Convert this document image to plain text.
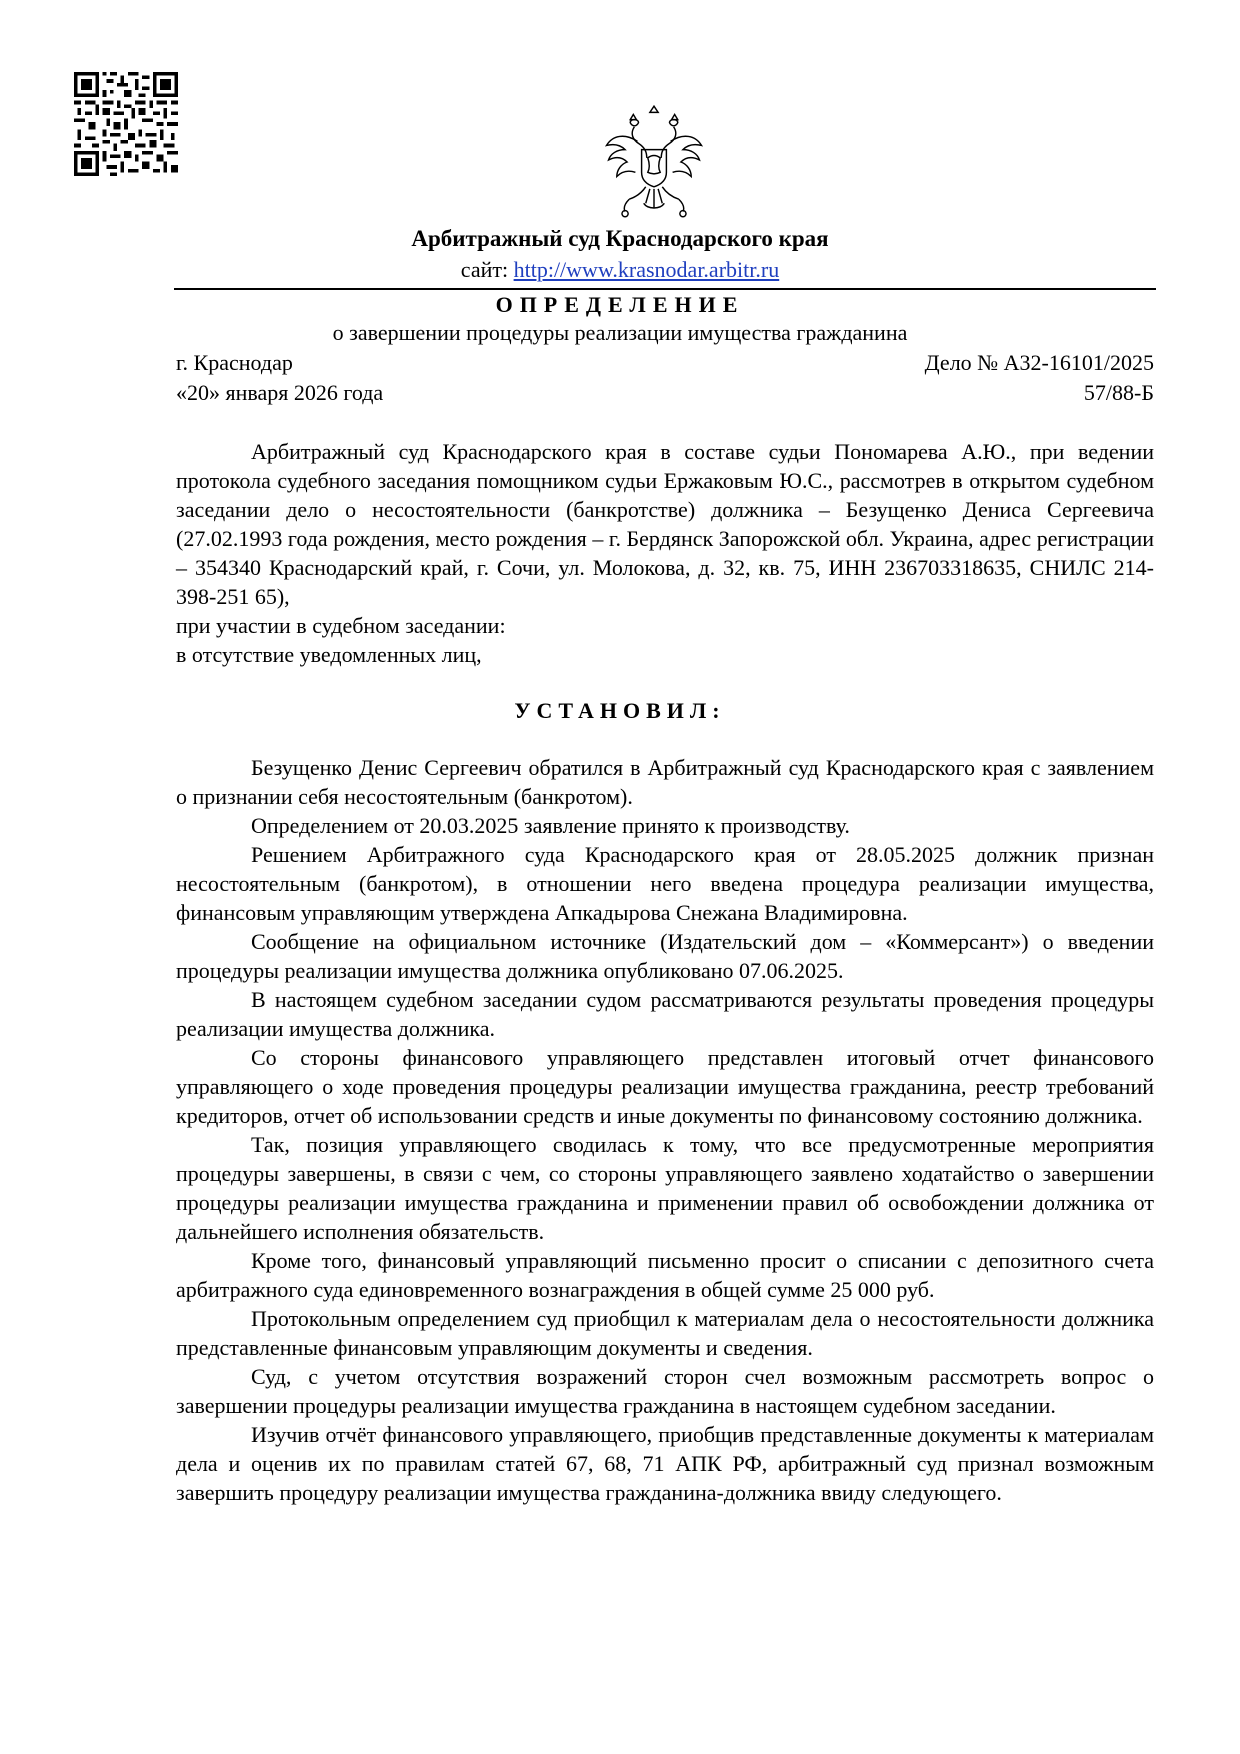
Арбитражный суд Краснодарского края
сайт: http://www.krasnodar.arbitr.ru
ОПРЕДЕЛЕНИЕ
о завершении процедуры реализации имущества гражданина
г. Краснодар	Дело № А32-16101/2025
«20» января 2026 года	57/88-Б

Арбитражный суд Краснодарского края в составе судьи Пономарева А.Ю., при ведении протокола судебного заседания помощником судьи Ержаковым Ю.С., рассмотрев в открытом судебном заседании дело о несостоятельности (банкротстве) должника – Безущенко Дениса Сергеевича (27.02.1993 года рождения, место рождения – г. Бердянск Запорожской обл. Украина, адрес регистрации – 354340 Краснодарский край, г. Сочи, ул. Молокова, д. 32, кв. 75, ИНН 236703318635, СНИЛС 214-398-251 65),

при участии в судебном заседании:

в отсутствие уведомленных лиц,

УСТАНОВИЛ:

Безущенко Денис Сергеевич обратился в Арбитражный суд Краснодарского края с заявлением о признании себя несостоятельным (банкротом).

Определением от 20.03.2025 заявление принято к производству.

Решением Арбитражного суда Краснодарского края от 28.05.2025 должник признан несостоятельным (банкротом), в отношении него введена процедура реализации имущества, финансовым управляющим утверждена Апкадырова Снежана Владимировна.

Сообщение на официальном источнике (Издательский дом – «Коммерсант») о введении процедуры реализации имущества должника опубликовано 07.06.2025.

В настоящем судебном заседании судом рассматриваются результаты проведения процедуры реализации имущества должника.

Со стороны финансового управляющего представлен итоговый отчет финансового управляющего о ходе проведения процедуры реализации имущества гражданина, реестр требований кредиторов, отчет об использовании средств и иные документы по финансовому состоянию должника.

Так, позиция управляющего сводилась к тому, что все предусмотренные мероприятия процедуры завершены, в связи с чем, со стороны управляющего заявлено ходатайство о завершении процедуры реализации имущества гражданина и применении правил об освобождении должника от дальнейшего исполнения обязательств.

Кроме того, финансовый управляющий письменно просит о списании с депозитного счета арбитражного суда единовременного вознаграждения в общей сумме 25 000 руб.

Протокольным определением суд приобщил к материалам дела о несостоятельности должника представленные финансовым управляющим документы и сведения.

Суд, с учетом отсутствия возражений сторон счел возможным рассмотреть вопрос о завершении процедуры реализации имущества гражданина в настоящем судебном заседании.

Изучив отчёт финансового управляющего, приобщив представленные документы к материалам дела и оценив их по правилам статей 67, 68, 71 АПК РФ, арбитражный суд признал возможным завершить процедуру реализации имущества гражданина-должника ввиду следующего.
